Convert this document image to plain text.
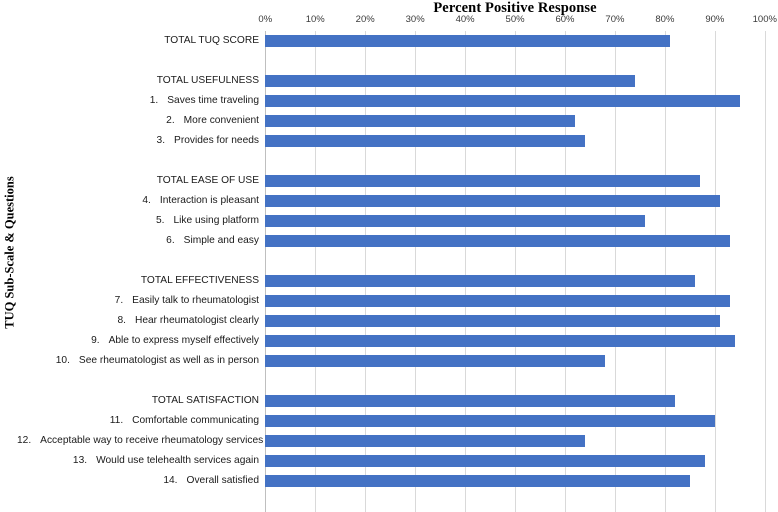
Percent Positive Response
TUQ Sub-Scale & Questions
0%	10%	20%	30%	40%	50%	60%	70%	80%	90%	100%
TOTAL TUQ SCORE
TOTAL USEFULNESS
1. Saves time traveling
2. More convenient
3. Provides for needs
TOTAL EASE OF USE
4. Interaction is pleasant
5. Like using platform
6. Simple and easy
TOTAL EFFECTIVENESS
7. Easily talk to rheumatologist
8. Hear rheumatologist clearly
9. Able to express myself effectively
10. See rheumatologist as well as in person
TOTAL SATISFACTION
11. Comfortable communicating
12. Acceptable way to receive rheumatology services
13. Would use telehealth services again
14. Overall satisfied
